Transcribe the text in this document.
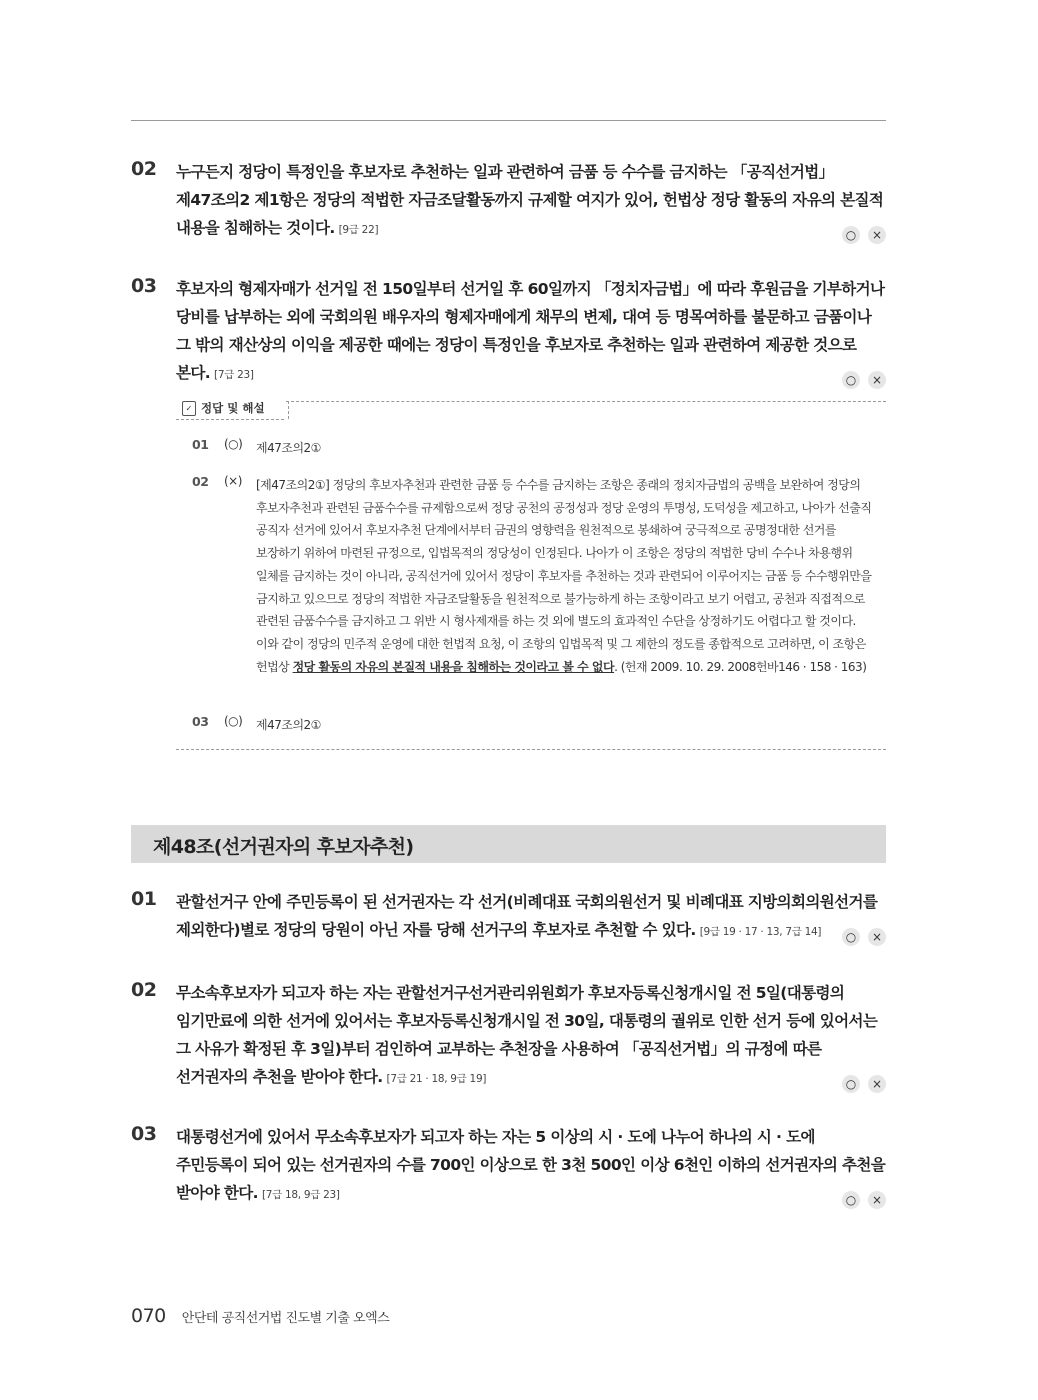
02 누구든지 정당이 특정인을 후보자로 추천하는 일과 관련하여 금품 등 수수를 금지하는 「공직선거법」 제47조의2 제1항은 정당의 적법한 자금조달활동까지 규제할 여지가 있어, 헌법상 정당 활동의 자유의 본질적 내용을 침해하는 것이다. [9급 22]	○	×
03 후보자의 형제자매가 선거일 전 150일부터 선거일 후 60일까지 「정치자금법」에 따라 후원금을 기부하거나 당비를 납부하는 외에 국회의원 배우자의 형제자매에게 채무의 변제, 대여 등 명목여하를 불문하고 금품이나 그 밖의 재산상의 이익을 제공한 때에는 정당이 특정인을 후보자로 추천하는 일과 관련하여 제공한 것으로 본다. [7급 23]	○	×
✓ 정답 및 해설
01 (○) 제47조의2①
02 (×) [제47조의2①] 정당의 후보자추천과 관련한 금품 등 수수를 금지하는 조항은 종래의 정치자금법의 공백을 보완하여 정당의 후보자추천과 관련된 금품수수를 규제함으로써 정당 공천의 공정성과 정당 운영의 투명성, 도덕성을 제고하고, 나아가 선출직 공직자 선거에 있어서 후보자추천 단계에서부터 금권의 영향력을 원천적으로 봉쇄하여 궁극적으로 공명정대한 선거를 보장하기 위하여 마련된 규정으로, 입법목적의 정당성이 인정된다. 나아가 이 조항은 정당의 적법한 당비 수수나 차용행위 일체를 금지하는 것이 아니라, 공직선거에 있어서 정당이 후보자를 추천하는 것과 관련되어 이루어지는 금품 등 수수행위만을 금지하고 있으므로 정당의 적법한 자금조달활동을 원천적으로 불가능하게 하는 조항이라고 보기 어렵고, 공천과 직접적으로 관련된 금품수수를 금지하고 그 위반 시 형사제재를 하는 것 외에 별도의 효과적인 수단을 상정하기도 어렵다고 할 것이다. 이와 같이 정당의 민주적 운영에 대한 헌법적 요청, 이 조항의 입법목적 및 그 제한의 정도를 종합적으로 고려하면, 이 조항은 헌법상 정당 활동의 자유의 본질적 내용을 침해하는 것이라고 볼 수 없다. (헌재 2009. 10. 29. 2008헌바146 · 158 · 163)
03 (○) 제47조의2①
제48조(선거권자의 후보자추천)
01 관할선거구 안에 주민등록이 된 선거권자는 각 선거(비례대표 국회의원선거 및 비례대표 지방의회의원선거를 제외한다)별로 정당의 당원이 아닌 자를 당해 선거구의 후보자로 추천할 수 있다. [9급 19 · 17 · 13, 7급 14]	○	×
02 무소속후보자가 되고자 하는 자는 관할선거구선거관리위원회가 후보자등록신청개시일 전 5일(대통령의 임기만료에 의한 선거에 있어서는 후보자등록신청개시일 전 30일, 대통령의 궐위로 인한 선거 등에 있어서는 그 사유가 확정된 후 3일)부터 검인하여 교부하는 추천장을 사용하여 「공직선거법」의 규정에 따른 선거권자의 추천을 받아야 한다. [7급 21 · 18, 9급 19]	○	×
03 대통령선거에 있어서 무소속후보자가 되고자 하는 자는 5 이상의 시 · 도에 나누어 하나의 시 · 도에 주민등록이 되어 있는 선거권자의 수를 700인 이상으로 한 3천 500인 이상 6천인 이하의 선거권자의 추천을 받아야 한다. [7급 18, 9급 23]	○	×
070 안단테 공직선거법 진도별 기출 오엑스
